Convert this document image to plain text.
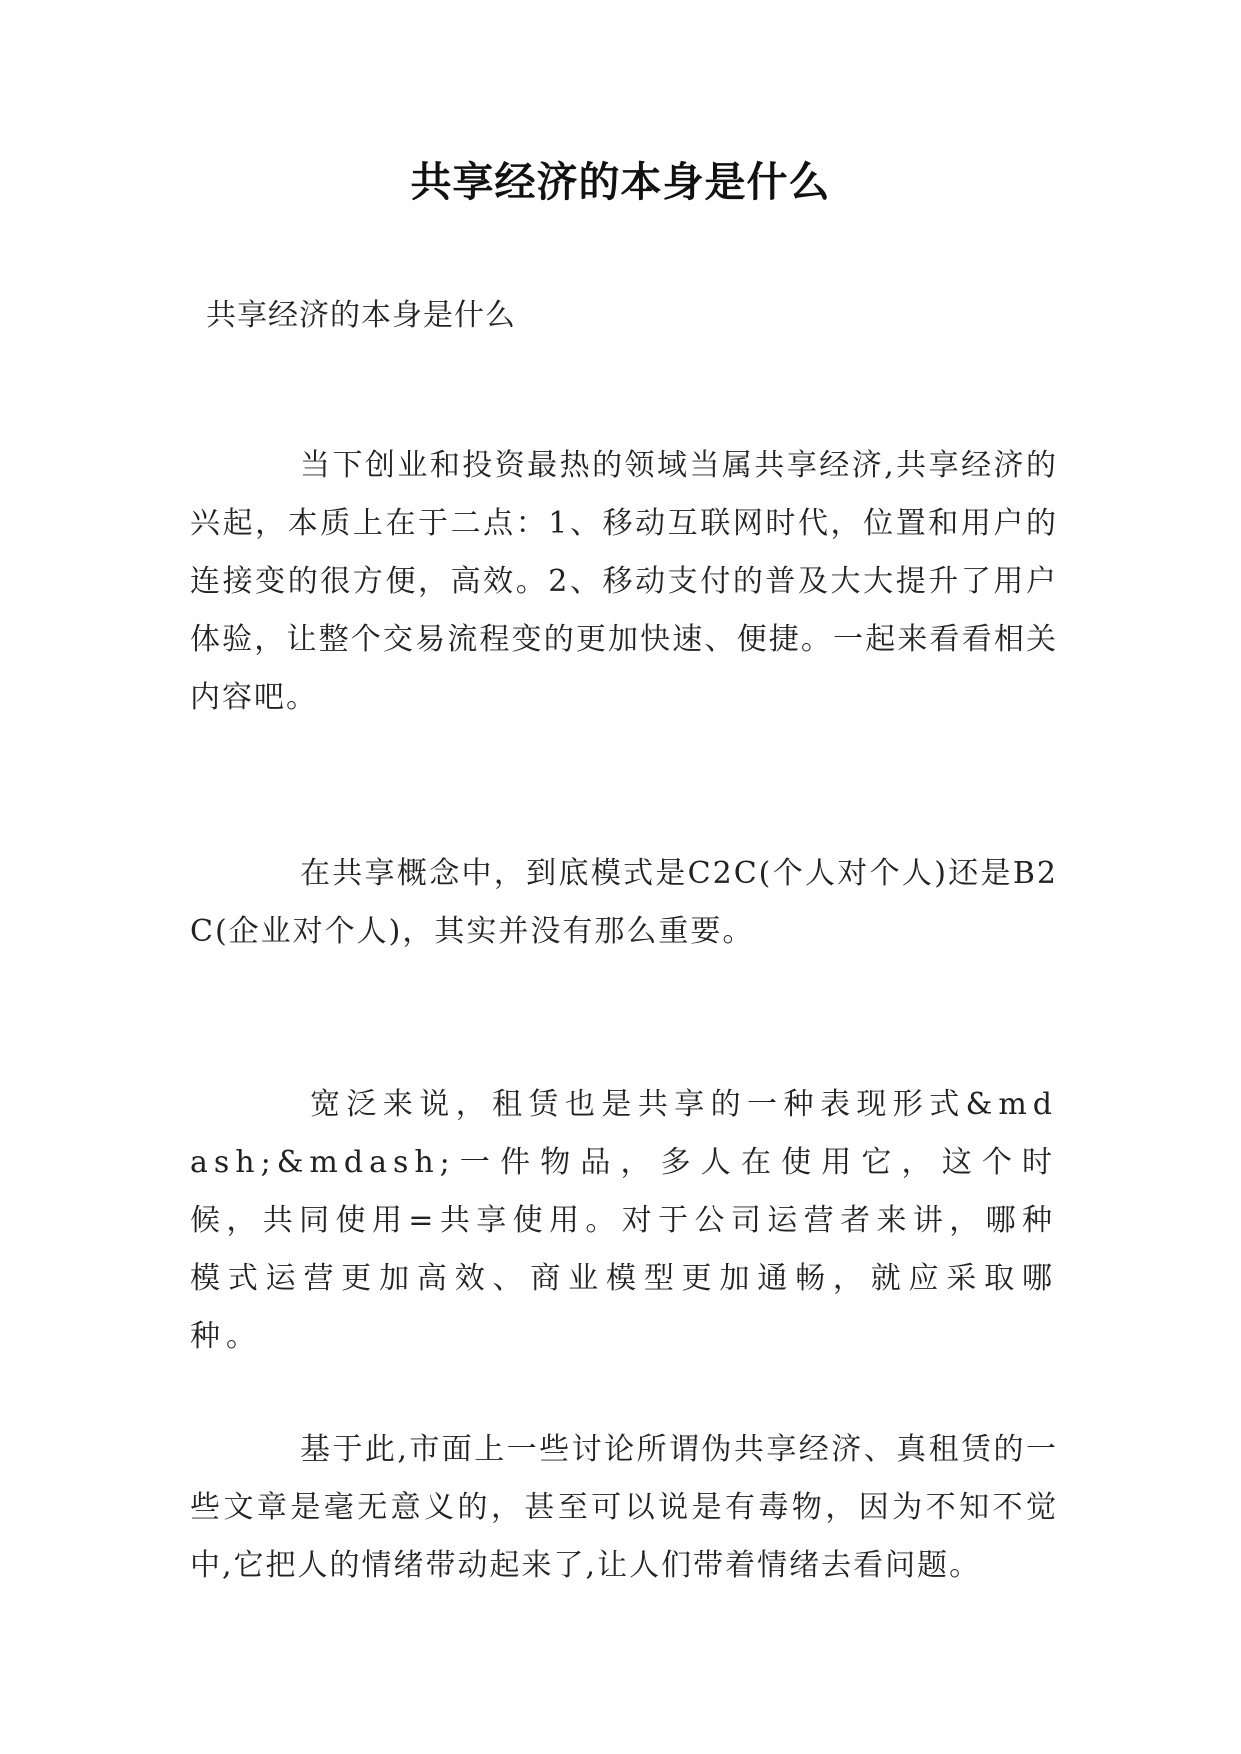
共享经济的本身是什么
共享经济的本身是什么

当下创业和投资最热的领域当属共享经济,共享经济的兴起，本质上在于二点：1、移动互联网时代，位置和用户的连接变的很方便，高效。2、移动支付的普及大大提升了用户体验，让整个交易流程变的更加快速、便捷。一起来看看相关内容吧。

在共享概念中，到底模式是C2C(个人对个人)还是B2C(企业对个人)，其实并没有那么重要。

宽泛来说，租赁也是共享的一种表现形式&mdash;&mdash;一件物品，多人在使用它，这个时候，共同使用=共享使用。对于公司运营者来讲，哪种模式运营更加高效、商业模型更加通畅，就应采取哪种。

基于此,市面上一些讨论所谓伪共享经济、真租赁的一些文章是毫无意义的，甚至可以说是有毒物，因为不知不觉中,它把人的情绪带动起来了,让人们带着情绪去看问题。
